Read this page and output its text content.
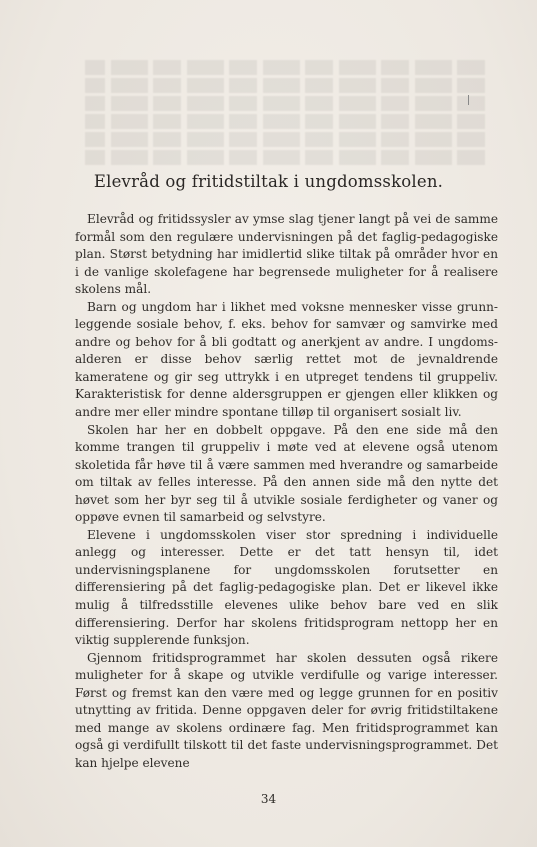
Elevråd og fritidstiltak i ungdomsskolen.

Elevråd og fritidssysler av ymse slag tjener langt på vei de samme formål som den regulære undervisningen på det faglig-pedagogiske plan. Størst betydning har imidlertid slike tiltak på områder hvor en i de vanlige skolefagene har begrensede muligheter for å realisere skolens mål.

Barn og ungdom har i likhet med voksne mennesker visse grunnleggende sosiale behov, f. eks. behov for samvær og samvirke med andre og behov for å bli godtatt og anerkjent av andre. I ungdomsalderen er disse behov særlig rettet mot de jevnaldrende kameratene og gir seg uttrykk i en utpreget tendens til gruppeliv. Karakteristisk for denne aldersgruppen er gjengen eller klikken og andre mer eller mindre spontane tilløp til organisert sosialt liv.

Skolen har her en dobbelt oppgave. På den ene side må den komme trangen til gruppeliv i møte ved at elevene også utenom skoletida får høve til å være sammen med hverandre og samarbeide om tiltak av felles interesse. På den annen side må den nytte det høvet som her byr seg til å utvikle sosiale ferdigheter og vaner og oppøve evnen til samarbeid og selvstyre.

Elevene i ungdomsskolen viser stor spredning i individuelle anlegg og interesser. Dette er det tatt hensyn til, idet undervisningsplanene for ungdomsskolen forutsetter en differensiering på det faglig-pedagogiske plan. Det er likevel ikke mulig å tilfredsstille elevenes ulike behov bare ved en slik differensiering. Derfor har skolens fritidsprogram nettopp her en viktig supplerende funksjon.

Gjennom fritidsprogrammet har skolen dessuten også rikere muligheter for å skape og utvikle verdifulle og varige interesser. Først og fremst kan den være med og legge grunnen for en positiv utnytting av fritida. Denne oppgaven deler for øvrig fritidstiltakene med mange av skolens ordinære fag. Men fritidsprogrammet kan også gi verdifullt tilskott til det faste undervisningsprogrammet. Det kan hjelpe elevene

34
